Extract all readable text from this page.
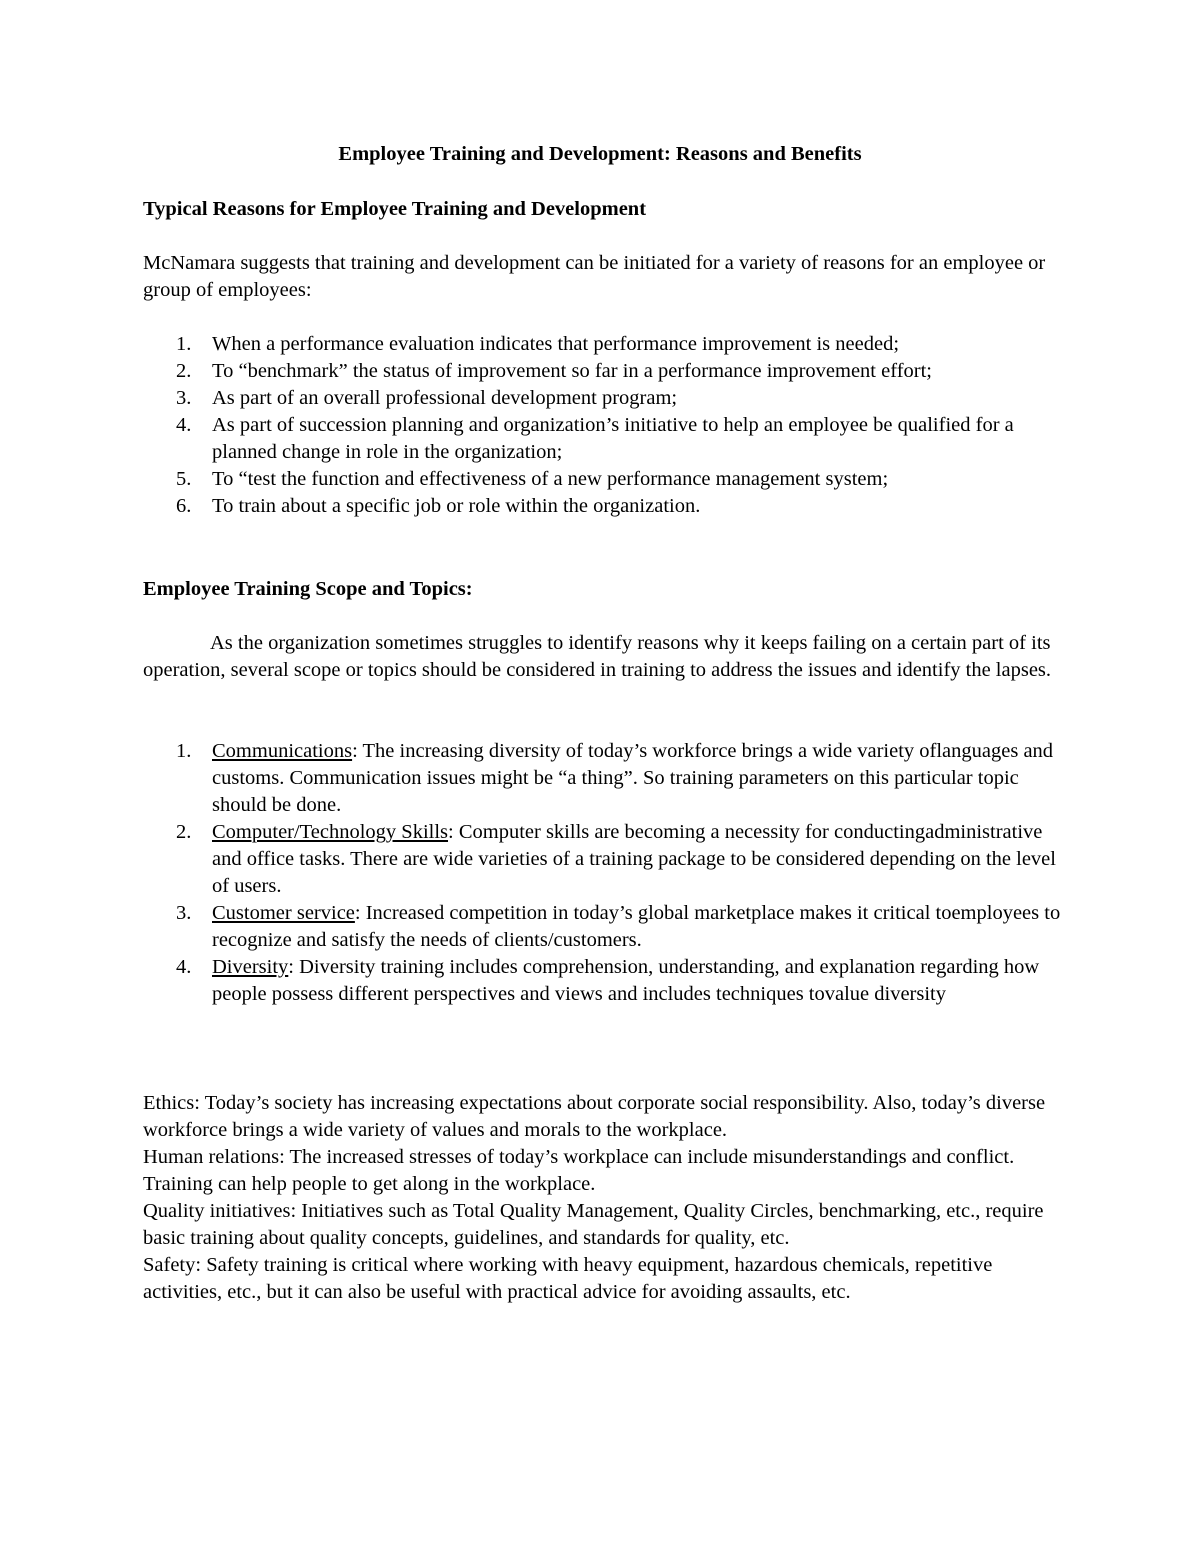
Employee Training and Development: Reasons and Benefits
Typical Reasons for Employee Training and Development

McNamara suggests that training and development can be initiated for a variety of reasons for an employee or group of employees:

1. When a performance evaluation indicates that performance improvement is needed;
2. To “benchmark” the status of improvement so far in a performance improvement effort;
3. As part of an overall professional development program;
4. As part of succession planning and organization’s initiative to help an employee be qualified for a planned change in role in the organization;
5. To “test the function and effectiveness of a new performance management system;
6. To train about a specific job or role within the organization.
Employee Training Scope and Topics:

As the organization sometimes struggles to identify reasons why it keeps failing on a certain part of its operation, several scope or topics should be considered in training to address the issues and identify the lapses.

1. Communications: The increasing diversity of today’s workforce brings a wide variety oflanguages and customs. Communication issues might be “a thing”. So training parameters on this particular topic should be done.
2. Computer/Technology Skills: Computer skills are becoming a necessity for conductingadministrative and office tasks. There are wide varieties of a training package to be considered depending on the level of users.
3. Customer service: Increased competition in today’s global marketplace makes it critical toemployees to recognize and satisfy the needs of clients/customers.
4. Diversity: Diversity training includes comprehension, understanding, and explanation regarding how people possess different perspectives and views and includes techniques tovalue diversity

Ethics: Today’s society has increasing expectations about corporate social responsibility. Also, today’s diverse workforce brings a wide variety of values and morals to the workplace.

Human relations: The increased stresses of today’s workplace can include misunderstandings and conflict. Training can help people to get along in the workplace.

Quality initiatives: Initiatives such as Total Quality Management, Quality Circles, benchmarking, etc., require basic training about quality concepts, guidelines, and standards for quality, etc.

Safety: Safety training is critical where working with heavy equipment, hazardous chemicals, repetitive activities, etc., but it can also be useful with practical advice for avoiding assaults, etc.
